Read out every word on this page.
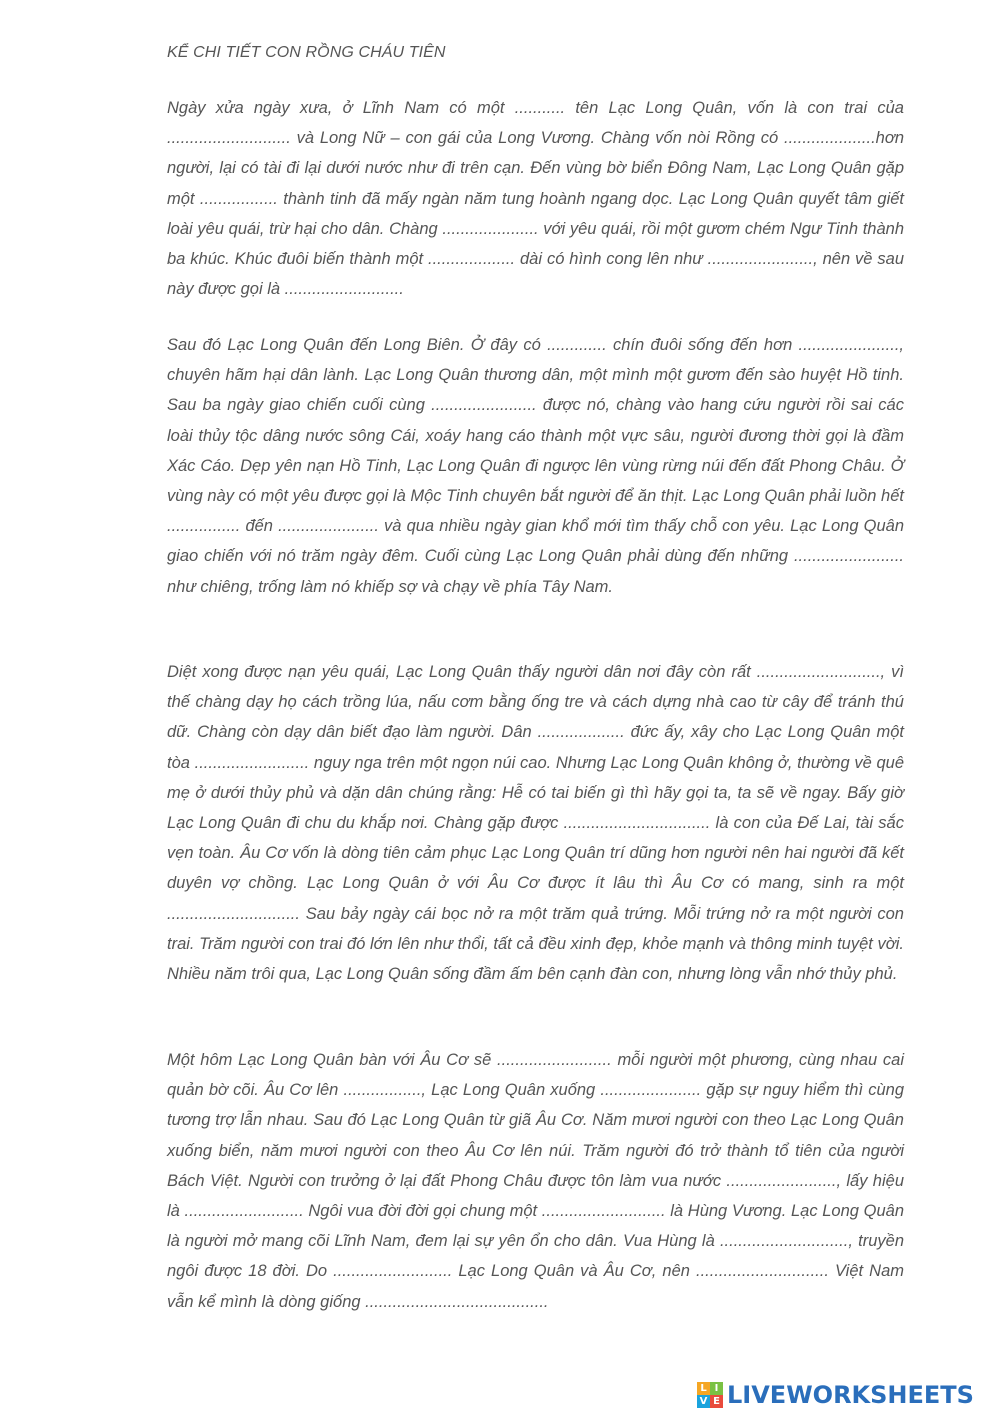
KỂ CHI TIẾT CON RỒNG CHÁU TIÊN

Ngày xửa ngày xưa, ở Lĩnh Nam có một ........... tên Lạc Long Quân, vốn là con trai của ........................... và Long Nữ – con gái của Long Vương. Chàng vốn nòi Rồng có ....................hơn người, lại có tài đi lại dưới nước như đi trên cạn. Đến vùng bờ biển Đông Nam, Lạc Long Quân gặp một ................. thành tinh đã mấy ngàn năm tung hoành ngang dọc. Lạc Long Quân quyết tâm giết loài yêu quái, trừ hại cho dân. Chàng ..................... với yêu quái, rồi một gươm chém Ngư Tinh thành ba khúc. Khúc đuôi biến thành một ................... dài có hình cong lên như ......................., nên về sau này được gọi là ..........................

Sau đó Lạc Long Quân đến Long Biên. Ở đây có ............. chín đuôi sống đến hơn ......................, chuyên hãm hại dân lành. Lạc Long Quân thương dân, một mình một gươm đến sào huyệt Hồ tinh. Sau ba ngày giao chiến cuối cùng ....................... được nó, chàng vào hang cứu người rồi sai các loài thủy tộc dâng nước sông Cái, xoáy hang cáo thành một vực sâu, người đương thời gọi là đầm Xác Cáo. Dẹp yên nạn Hồ Tinh, Lạc Long Quân đi ngược lên vùng rừng núi đến đất Phong Châu. Ở vùng này có một yêu được gọi là Mộc Tinh chuyên bắt người để ăn thịt. Lạc Long Quân phải luồn hết ................ đến ...................... và qua nhiều ngày gian khổ mới tìm thấy chỗ con yêu. Lạc Long Quân giao chiến với nó trăm ngày đêm. Cuối cùng Lạc Long Quân phải dùng đến những ........................ như chiêng, trống làm nó khiếp sợ và chạy về phía Tây Nam.

Diệt xong được nạn yêu quái, Lạc Long Quân thấy người dân nơi đây còn rất ..........................., vì thế chàng dạy họ cách trồng lúa, nấu cơm bằng ống tre và cách dựng nhà cao từ cây để tránh thú dữ. Chàng còn dạy dân biết đạo làm người. Dân ................... đức ấy, xây cho Lạc Long Quân một tòa ......................... nguy nga trên một ngọn núi cao. Nhưng Lạc Long Quân không ở, thường về quê mẹ ở dưới thủy phủ và dặn dân chúng rằng: Hễ có tai biến gì thì hãy gọi ta, ta sẽ về ngay. Bấy giờ Lạc Long Quân đi chu du khắp nơi. Chàng gặp được ................................ là con của Đế Lai, tài sắc vẹn toàn. Âu Cơ vốn là dòng tiên cảm phục Lạc Long Quân trí dũng hơn người nên hai người đã kết duyên vợ chồng. Lạc Long Quân ở với Âu Cơ được ít lâu thì Âu Cơ có mang, sinh ra một ............................. Sau bảy ngày cái bọc nở ra một trăm quả trứng. Mỗi trứng nở ra một người con trai. Trăm người con trai đó lớn lên như thổi, tất cả đều xinh đẹp, khỏe mạnh và thông minh tuyệt vời. Nhiều năm trôi qua, Lạc Long Quân sống đầm ấm bên cạnh đàn con, nhưng lòng vẫn nhớ thủy phủ.

Một hôm Lạc Long Quân bàn với Âu Cơ sẽ ......................... mỗi người một phương, cùng nhau cai quản bờ cõi. Âu Cơ lên ................., Lạc Long Quân xuống ...................... gặp sự nguy hiểm thì cùng tương trợ lẫn nhau. Sau đó Lạc Long Quân từ giã Âu Cơ. Năm mươi người con theo Lạc Long Quân xuống biển, năm mươi người con theo Âu Cơ lên núi. Trăm người đó trở thành tổ tiên của người Bách Việt. Người con trưởng ở lại đất Phong Châu được tôn làm vua nước ........................, lấy hiệu là .......................... Ngôi vua đời đời gọi chung một ........................... là Hùng Vương. Lạc Long Quân là người mở mang cõi Lĩnh Nam, đem lại sự yên ổn cho dân. Vua Hùng là ............................, truyền ngôi được 18 đời. Do .......................... Lạc Long Quân và Âu Cơ, nên ............................. Việt Nam vẫn kể mình là dòng giống ........................................

L I
V E LIVEWORKSHEETS
